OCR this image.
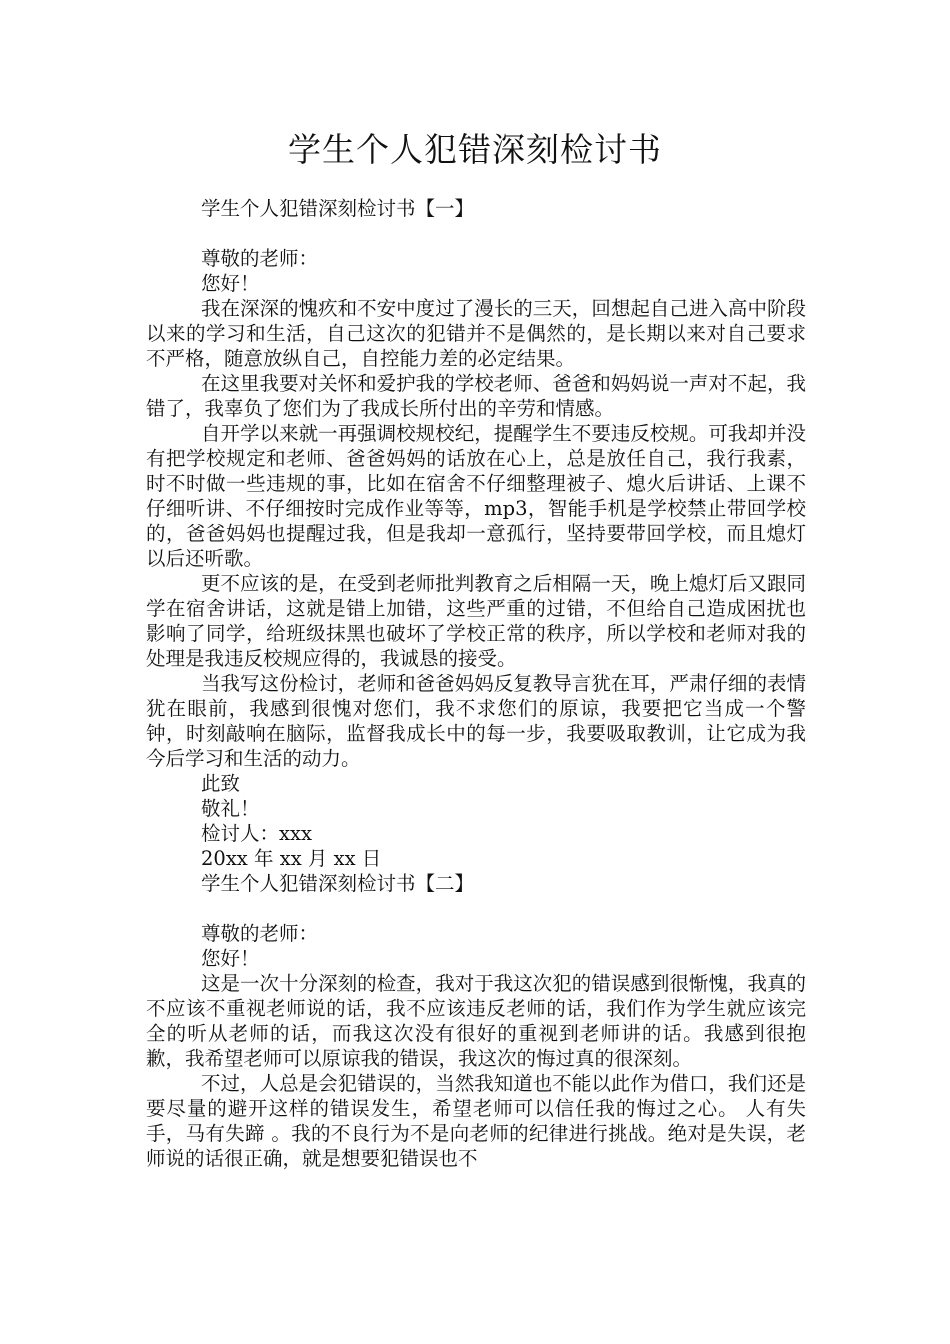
学生个人犯错深刻检讨书
学生个人犯错深刻检讨书【一】
尊敬的老师：
您好！

我在深深的愧疚和不安中度过了漫长的三天，回想起自己进入高中阶段以来的学习和生活，自己这次的犯错并不是偶然的，是长期以来对自己要求不严格，随意放纵自己，自控能力差的必定结果。

在这里我要对关怀和爱护我的学校老师、爸爸和妈妈说一声对不起，我错了，我辜负了您们为了我成长所付出的辛劳和情感。

自开学以来就一再强调校规校纪，提醒学生不要违反校规。可我却并没有把学校规定和老师、爸爸妈妈的话放在心上，总是放任自己，我行我素，时不时做一些违规的事，比如在宿舍不仔细整理被子、熄火后讲话、上课不仔细听讲、不仔细按时完成作业等等，mp3，智能手机是学校禁止带回学校的，爸爸妈妈也提醒过我，但是我却一意孤行，坚持要带回学校，而且熄灯以后还听歌。

更不应该的是，在受到老师批判教育之后相隔一天，晚上熄灯后又跟同学在宿舍讲话，这就是错上加错，这些严重的过错，不但给自己造成困扰也影响了同学，给班级抹黑也破坏了学校正常的秩序，所以学校和老师对我的处理是我违反校规应得的，我诚恳的接受。

当我写这份检讨，老师和爸爸妈妈反复教导言犹在耳，严肃仔细的表情犹在眼前，我感到很愧对您们，我不求您们的原谅，我要把它当成一个警钟，时刻敲响在脑际，监督我成长中的每一步，我要吸取教训，让它成为我今后学习和生活的动力。

此致
敬礼！
检讨人：xxx
20xx 年 xx 月 xx 日
学生个人犯错深刻检讨书【二】
尊敬的老师：
您好！

这是一次十分深刻的检查，我对于我这次犯的错误感到很惭愧，我真的不应该不重视老师说的话，我不应该违反老师的话，我们作为学生就应该完全的听从老师的话，而我这次没有很好的重视到老师讲的话。我感到很抱歉，我希望老师可以原谅我的错误，我这次的悔过真的很深刻。

不过，人总是会犯错误的，当然我知道也不能以此作为借口，我们还是要尽量的避开这样的错误发生，希望老师可以信任我的悔过之心。 人有失手，马有失蹄 。我的不良行为不是向老师的纪律进行挑战。绝对是失误，老师说的话很正确，就是想要犯错误也不
